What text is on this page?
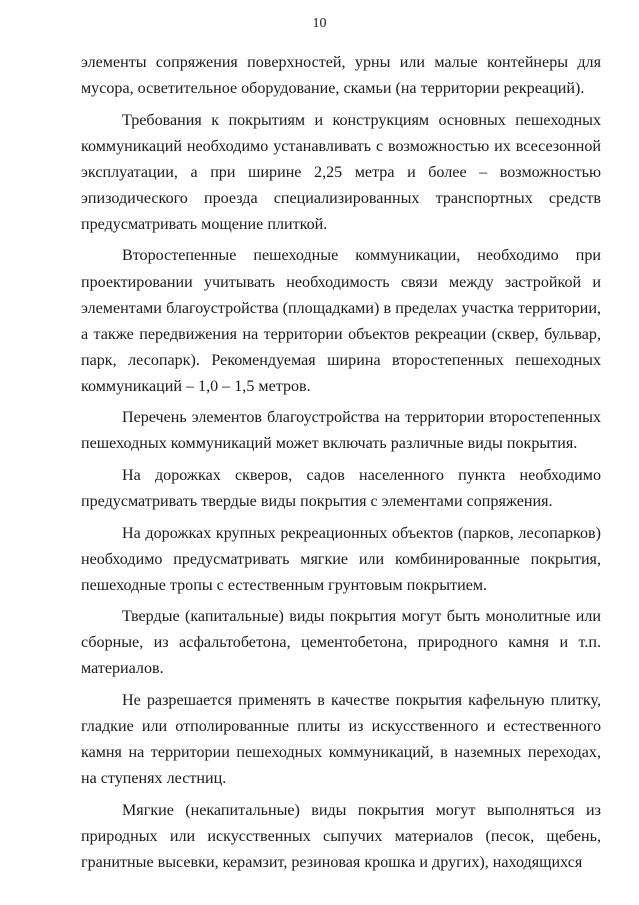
10

элементы сопряжения поверхностей, урны или малые контейнеры для мусора, осветительное оборудование, скамьи (на территории рекреаций).

Требования к покрытиям и конструкциям основных пешеходных коммуникаций необходимо устанавливать с возможностью их всесезонной эксплуатации, а при ширине 2,25 метра и более – возможностью эпизодического проезда специализированных транспортных средств предусматривать мощение плиткой.

Второстепенные пешеходные коммуникации, необходимо при проектировании учитывать необходимость связи между застройкой и элементами благоустройства (площадками) в пределах участка территории, а также передвижения на территории объектов рекреации (сквер, бульвар, парк, лесопарк). Рекомендуемая ширина второстепенных пешеходных коммуникаций – 1,0 – 1,5 метров.

Перечень элементов благоустройства на территории второстепенных пешеходных коммуникаций может включать различные виды покрытия.

На дорожках скверов, садов населенного пункта необходимо предусматривать твердые виды покрытия с элементами сопряжения.

На дорожках крупных рекреационных объектов (парков, лесопарков) необходимо предусматривать мягкие или комбинированные покрытия, пешеходные тропы с естественным грунтовым покрытием.

Твердые (капитальные) виды покрытия могут быть монолитные или сборные, из асфальтобетона, цементобетона, природного камня и т.п. материалов.

Не разрешается применять в качестве покрытия кафельную плитку, гладкие или отполированные плиты из искусственного и естественного камня на территории пешеходных коммуникаций, в наземных переходах, на ступенях лестниц.

Мягкие (некапитальные) виды покрытия могут выполняться из природных или искусственных сыпучих материалов (песок, щебень, гранитные высевки, керамзит, резиновая крошка и других), находящихся
